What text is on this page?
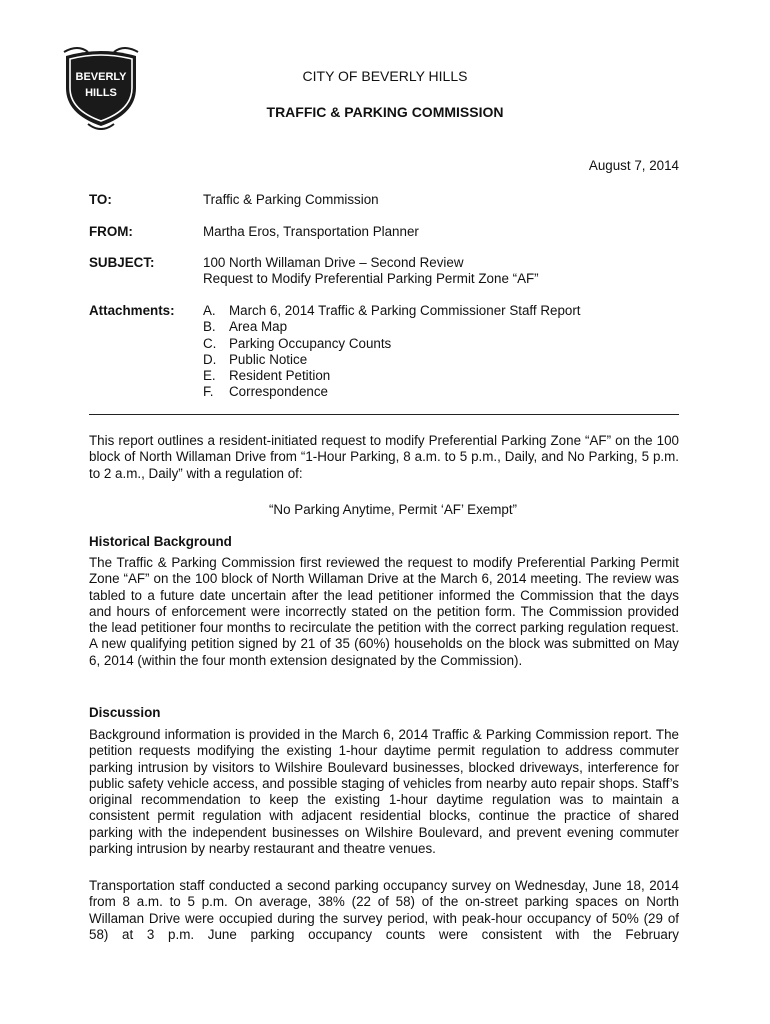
BEVERLY
HILLS
CITY OF BEVERLY HILLS
TRAFFIC & PARKING COMMISSION
August 7, 2014
TO:	Traffic & Parking Commission
FROM:	Martha Eros, Transportation Planner
SUBJECT:	100 North Willaman Drive – Second Review
Request to Modify Preferential Parking Permit Zone “AF”
Attachments: A. March 6, 2014 Traffic & Parking Commissioner Staff Report
B. Area Map
C. Parking Occupancy Counts
D. Public Notice
E. Resident Petition
F. Correspondence
This report outlines a resident-initiated request to modify Preferential Parking Zone “AF” on the 100 block of North Willaman Drive from “1-Hour Parking, 8 a.m. to 5 p.m., Daily, and No Parking, 5 p.m. to 2 a.m., Daily” with a regulation of:
“No Parking Anytime, Permit ‘AF’ Exempt”
Historical Background
The Traffic & Parking Commission first reviewed the request to modify Preferential Parking Permit Zone “AF” on the 100 block of North Willaman Drive at the March 6, 2014 meeting. The review was tabled to a future date uncertain after the lead petitioner informed the Commission that the days and hours of enforcement were incorrectly stated on the petition form. The Commission provided the lead petitioner four months to recirculate the petition with the correct parking regulation request. A new qualifying petition signed by 21 of 35 (60%) households on the block was submitted on May 6, 2014 (within the four month extension designated by the Commission).
Discussion
Background information is provided in the March 6, 2014 Traffic & Parking Commission report. The petition requests modifying the existing 1-hour daytime permit regulation to address commuter parking intrusion by visitors to Wilshire Boulevard businesses, blocked driveways, interference for public safety vehicle access, and possible staging of vehicles from nearby auto repair shops. Staff’s original recommendation to keep the existing 1-hour daytime regulation was to maintain a consistent permit regulation with adjacent residential blocks, continue the practice of shared parking with the independent businesses on Wilshire Boulevard, and prevent evening commuter parking intrusion by nearby restaurant and theatre venues.
Transportation staff conducted a second parking occupancy survey on Wednesday, June 18, 2014 from 8 a.m. to 5 p.m. On average, 38% (22 of 58) of the on-street parking spaces on North Willaman Drive were occupied during the survey period, with peak-hour occupancy of 50% (29 of 58) at 3 p.m. June parking occupancy counts were consistent with the February
